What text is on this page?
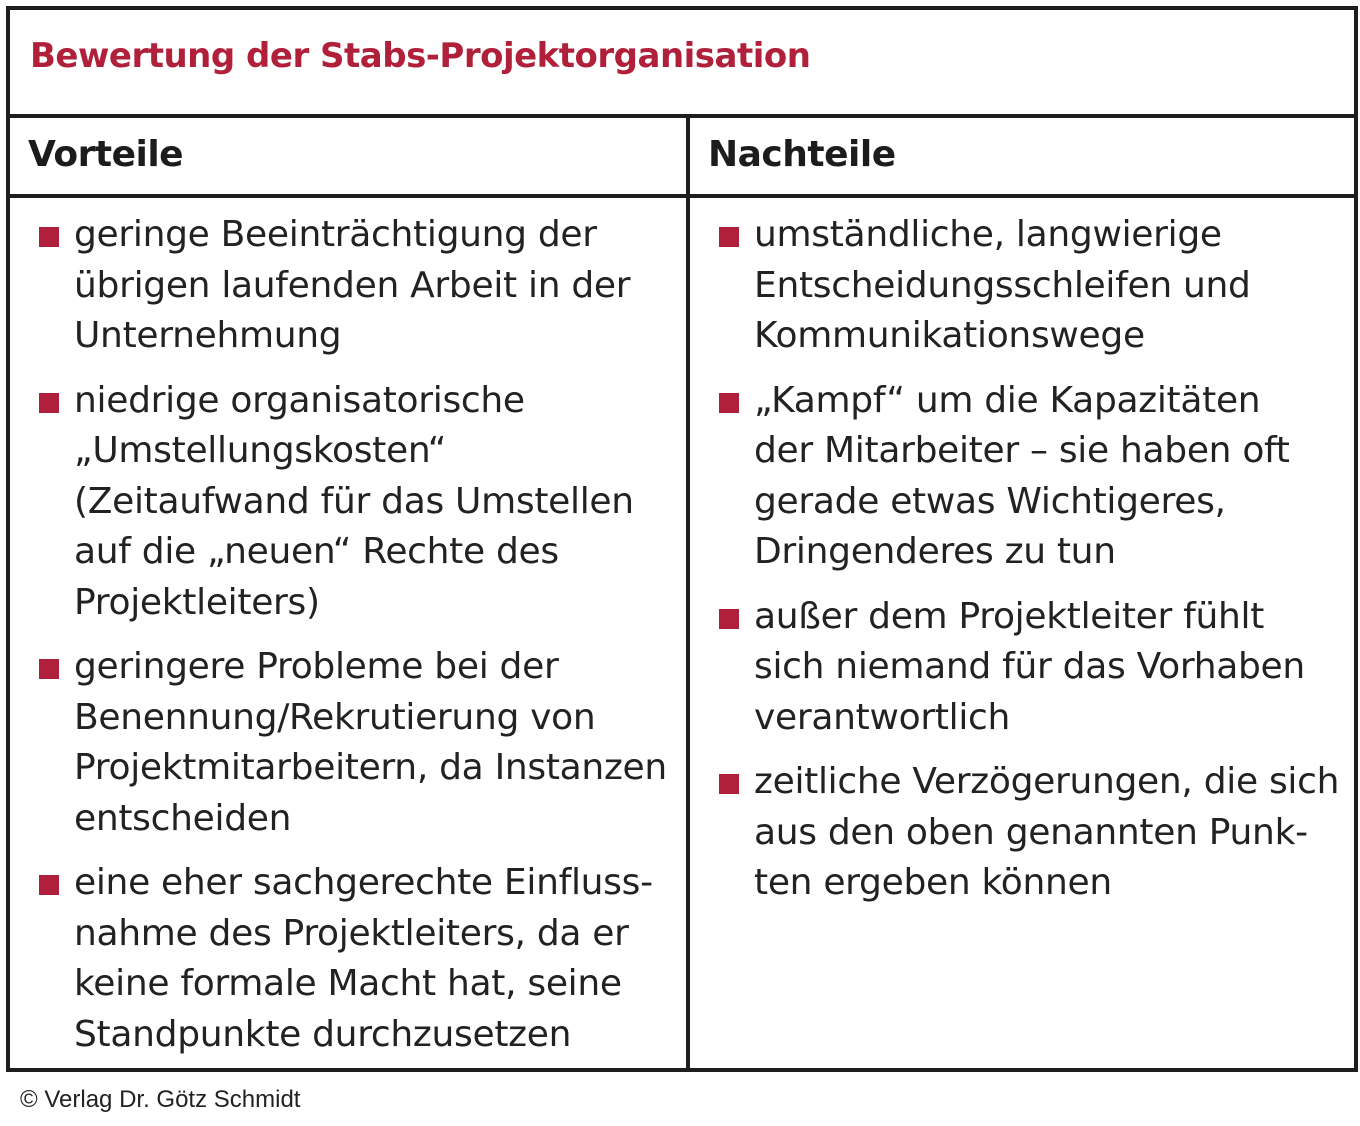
Bewertung der Stabs-Projektorganisation
Vorteile	Nachteile
geringe Beeinträchtigung der
übrigen laufenden Arbeit in der
Unternehmung
niedrige organisatorische
„Umstellungskosten“
(Zeitaufwand für das Umstellen
auf die „neuen“ Rechte des
Projektleiters)
geringere Probleme bei der
Benennung/Rekrutierung von
Projektmitarbeitern, da Instanzen
entscheiden
eine eher sachgerechte Einfluss-
nahme des Projektleiters, da er
keine formale Macht hat, seine
Standpunkte durchzusetzen
umständliche, langwierige
Entscheidungsschleifen und
Kommunikationswege
„Kampf“ um die Kapazitäten
der Mitarbeiter – sie haben oft
gerade etwas Wichtigeres,
Dringenderes zu tun
außer dem Projektleiter fühlt
sich niemand für das Vorhaben
verantwortlich
zeitliche Verzögerungen, die sich
aus den oben genannten Punk-
ten ergeben können
© Verlag Dr. Götz Schmidt
